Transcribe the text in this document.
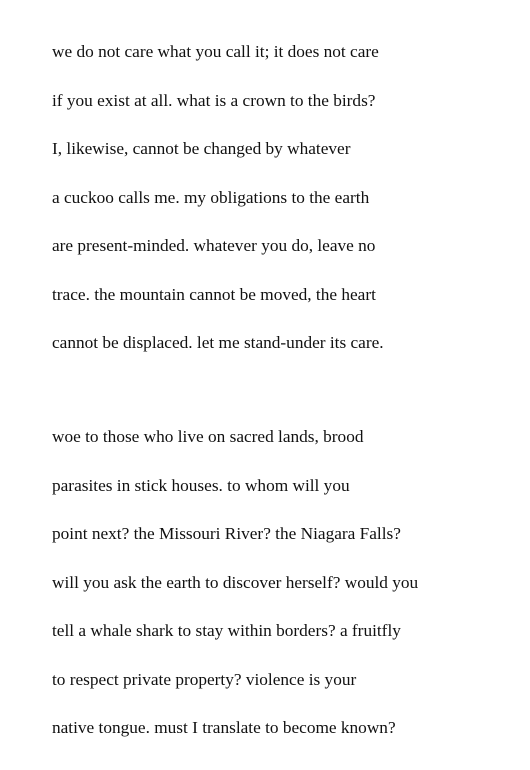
we do not care what you call it; it does not care
if you exist at all. what is a crown to the birds?
I, likewise, cannot be changed by whatever
a cuckoo calls me. my obligations to the earth
are present-minded. whatever you do, leave no
trace. the mountain cannot be moved, the heart
cannot be displaced. let me stand-under its care.
woe to those who live on sacred lands, brood
parasites in stick houses. to whom will you
point next? the Missouri River? the Niagara Falls?
will you ask the earth to discover herself? would you
tell a whale shark to stay within borders? a fruitfly
to respect private property? violence is your
native tongue. must I translate to become known?
